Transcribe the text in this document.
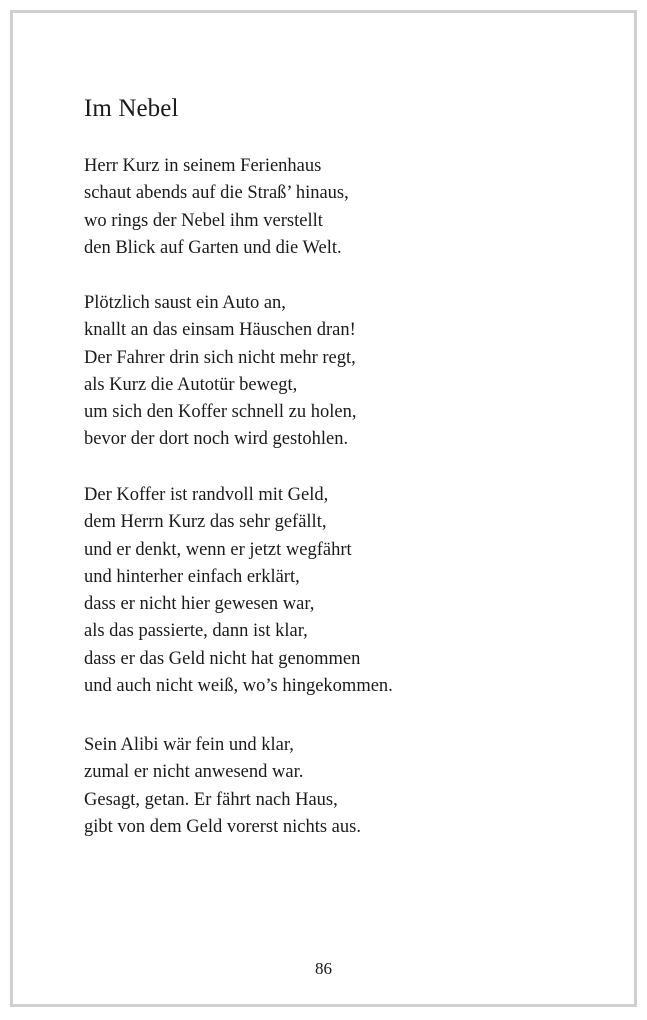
Im Nebel
Herr Kurz in seinem Ferienhaus
schaut abends auf die Straß’ hinaus,
wo rings der Nebel ihm verstellt
den Blick auf Garten und die Welt.
Plötzlich saust ein Auto an,
knallt an das einsam Häuschen dran!
Der Fahrer drin sich nicht mehr regt,
als Kurz die Autotür bewegt,
um sich den Koffer schnell zu holen,
bevor der dort noch wird gestohlen.
Der Koffer ist randvoll mit Geld,
dem Herrn Kurz das sehr gefällt,
und er denkt, wenn er jetzt wegfährt
und hinterher einfach erklärt,
dass er nicht hier gewesen war,
als das passierte, dann ist klar,
dass er das Geld nicht hat genommen
und auch nicht weiß, wo’s hingekommen.
Sein Alibi wär fein und klar,
zumal er nicht anwesend war.
Gesagt, getan. Er fährt nach Haus,
gibt von dem Geld vorerst nichts aus.
86
